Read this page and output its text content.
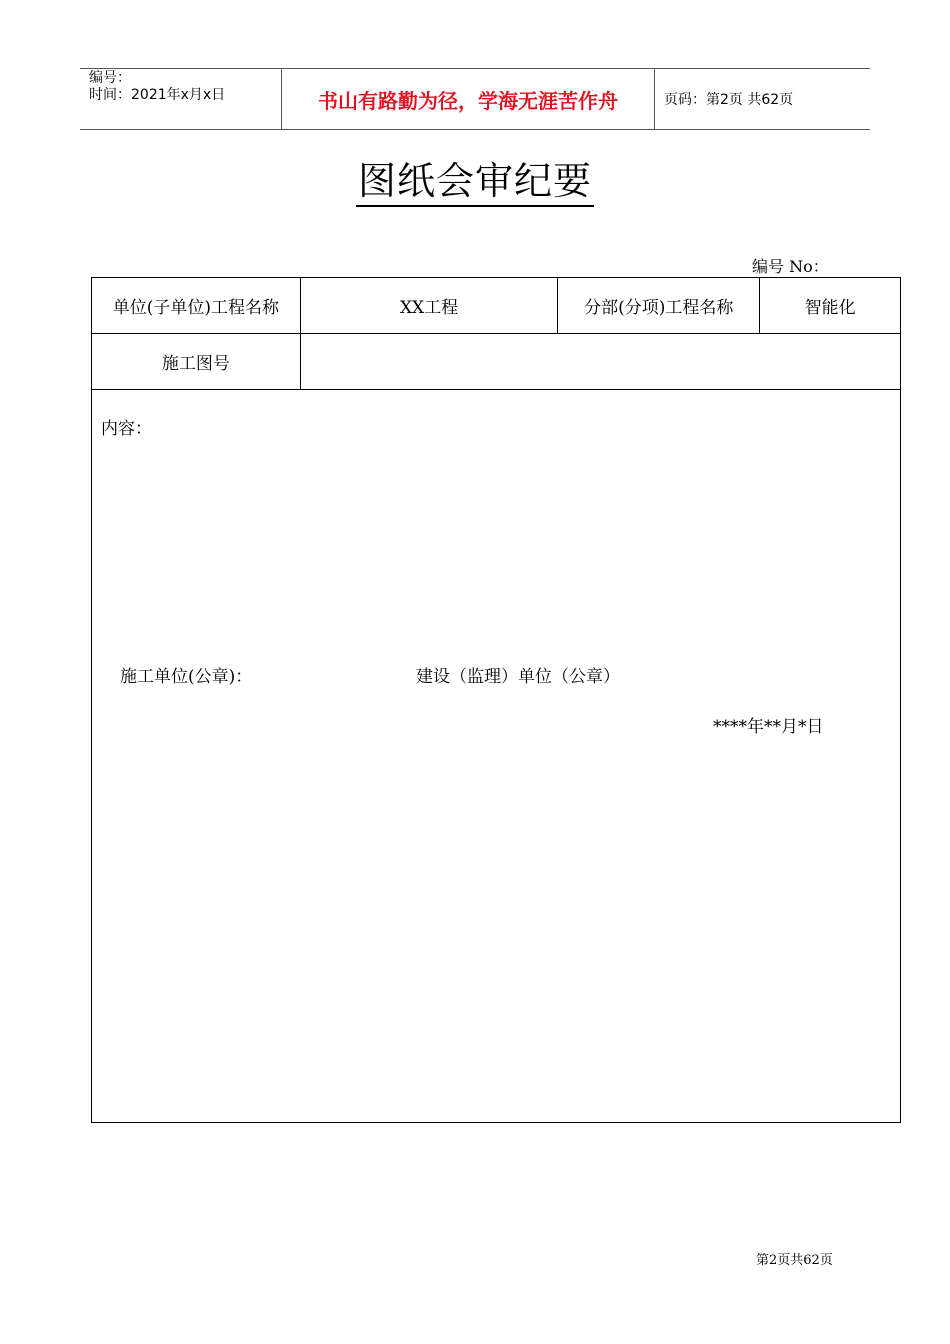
编号：
时间：2021年x月x日	书山有路勤为径，学海无涯苦作舟	页码：第2页 共62页
图纸会审纪要
编号 No：
单位(子单位)工程名称	XX工程	分部(分项)工程名称	智能化
施工图号			

内容：
施工单位(公章)： 建设（监理）单位（公章）
****年**月*日			
第2页共62页
